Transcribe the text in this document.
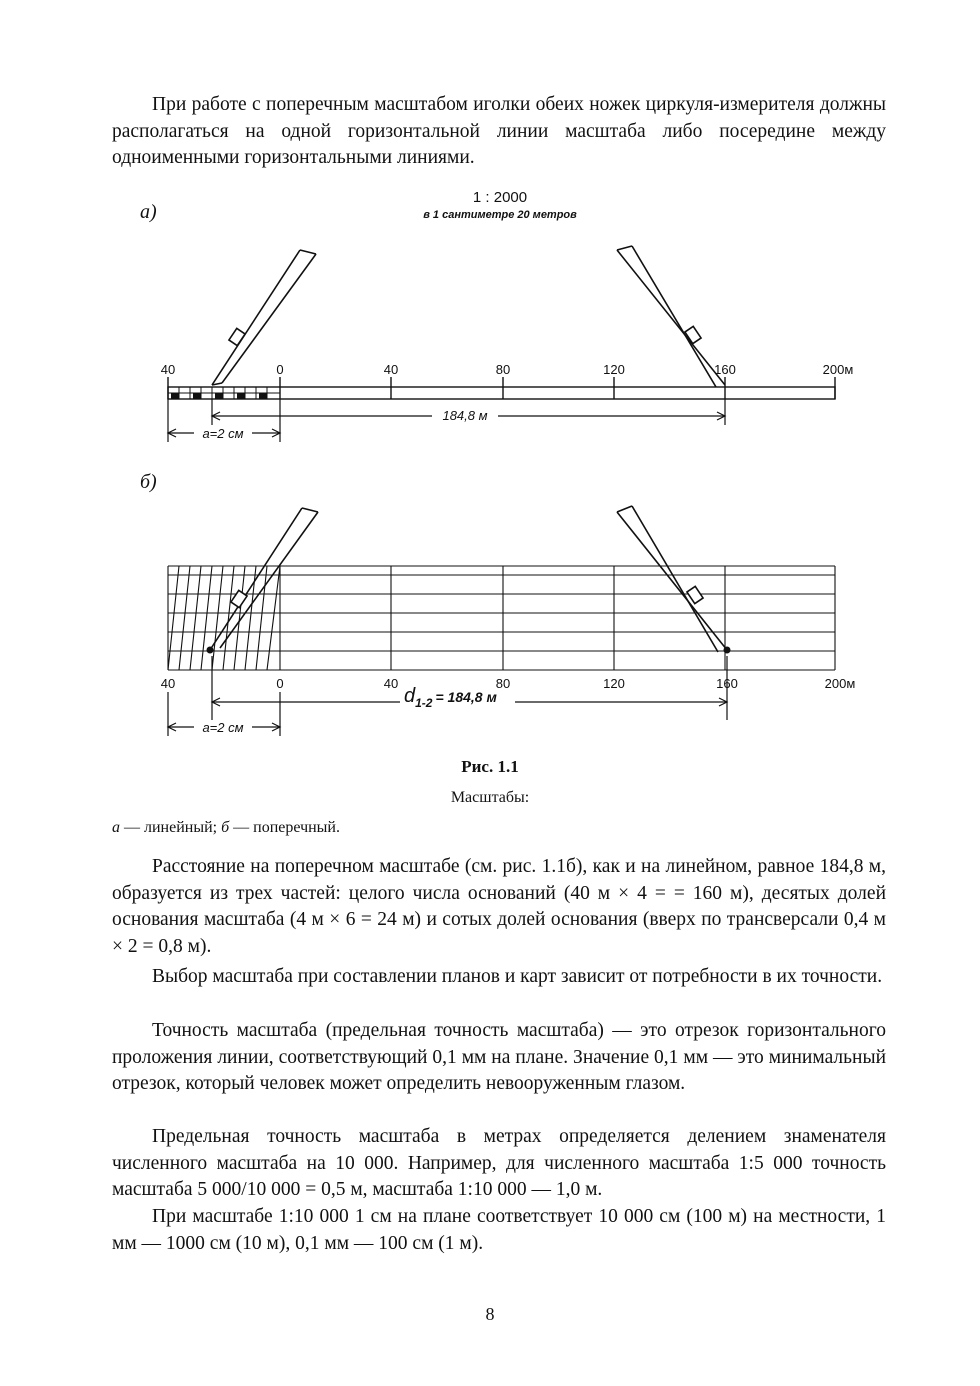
При работе с поперечным масштабом иголки обеих ножек циркуля-измерителя должны располагаться на одной горизонтальной линии масштаба либо посередине между одноименными горизонтальными линиями.

а)
1 : 2000
в 1 сантиметре 20 метров
40	0	40	80	120	160	200м
184,8 м
a=2 см
б)
40	0	40	80	120	160	200м
$d_{1-2} = 184,8$ м
a=2 см
Рис. 1.1
Масштабы:
а — линейный; б — поперечный.

Расстояние на поперечном масштабе (см. рис. 1.1б), как и на линейном, равное 184,8 м, образуется из трех частей: целого числа оснований (40 м × 4 = = 160 м), десятых долей основания масштаба (4 м × 6 = 24 м) и сотых долей основания (вверх по трансверсали 0,4 м × 2 = 0,8 м).

Выбор масштаба при составлении планов и карт зависит от потребности в их точности.

Точность масштаба (предельная точность масштаба) — это отрезок горизонтального проложения линии, соответствующий 0,1 мм на плане. Значение 0,1 мм — это минимальный отрезок, который человек может определить невооруженным глазом.

Предельная точность масштаба в метрах определяется делением знаменателя численного масштаба на 10 000. Например, для численного масштаба 1:5 000 точность масштаба 5 000/10 000 = 0,5 м, масштаба 1:10 000 — 1,0 м.

При масштабе 1:10 000 1 см на плане соответствует 10 000 см (100 м) на местности, 1 мм — 1000 см (10 м), 0,1 мм — 100 см (1 м).

8
